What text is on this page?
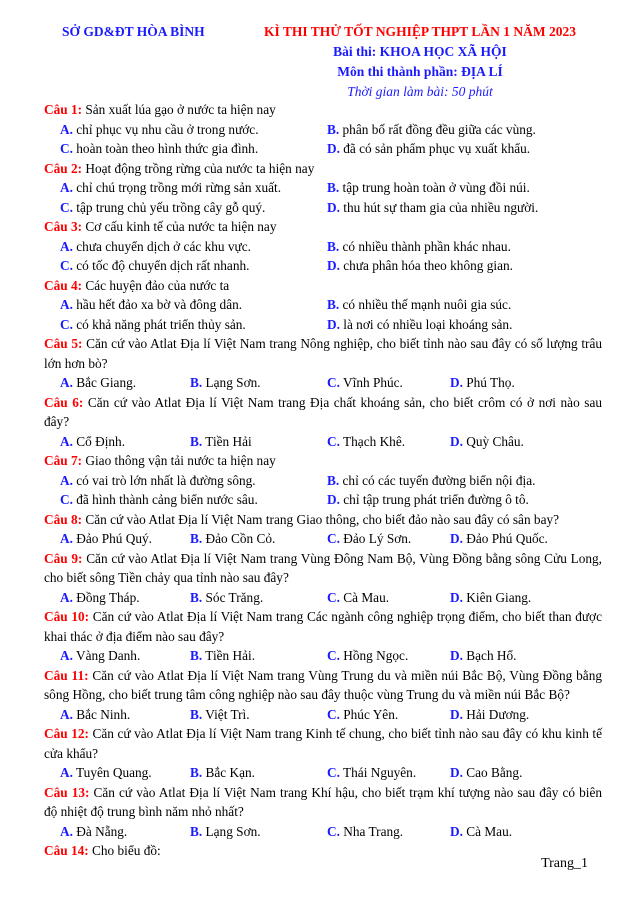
SỞ GD&ĐT HÒA BÌNH	KÌ THI THỬ TỐT NGHIỆP THPT LẦN 1 NĂM 2023
Bài thi: KHOA HỌC XÃ HỘI
Môn thi thành phần: ĐỊA LÍ
Thời gian làm bài: 50 phút
Câu 1: Sản xuất lúa gạo ở nước ta hiện nay
A. chỉ phục vụ nhu cầu ở trong nước.	B. phân bố rất đồng đều giữa các vùng.
C. hoàn toàn theo hình thức gia đình.	D. đã có sản phẩm phục vụ xuất khẩu.
Câu 2: Hoạt động trồng rừng của nước ta hiện nay
A. chỉ chú trọng trồng mới rừng sản xuất.	B. tập trung hoàn toàn ở vùng đồi núi.
C. tập trung chủ yếu trồng cây gỗ quý.	D. thu hút sự tham gia của nhiều người.
Câu 3: Cơ cấu kinh tế của nước ta hiện nay
A. chưa chuyển dịch ở các khu vực.	B. có nhiều thành phần khác nhau.
C. có tốc độ chuyển dịch rất nhanh.	D. chưa phân hóa theo không gian.
Câu 4: Các huyện đảo của nước ta
A. hầu hết đảo xa bờ và đông dân.	B. có nhiều thế mạnh nuôi gia súc.
C. có khả năng phát triển thủy sản.	D. là nơi có nhiều loại khoáng sản.
Câu 5: Căn cứ vào Atlat Địa lí Việt Nam trang Nông nghiệp, cho biết tỉnh nào sau đây có số lượng trâu lớn hơn bò?
A. Bắc Giang.	B. Lạng Sơn.	C. Vĩnh Phúc.	D. Phú Thọ.
Câu 6: Căn cứ vào Atlat Địa lí Việt Nam trang Địa chất khoáng sản, cho biết crôm có ở nơi nào sau đây?
A. Cổ Định.	B. Tiền Hải	C. Thạch Khê.	D. Quỳ Châu.
Câu 7: Giao thông vận tải nước ta hiện nay
A. có vai trò lớn nhất là đường sông.	B. chỉ có các tuyến đường biển nội địa.
C. đã hình thành cảng biển nước sâu.	D. chỉ tập trung phát triển đường ô tô.
Câu 8: Căn cứ vào Atlat Địa lí Việt Nam trang Giao thông, cho biết đảo nào sau đây có sân bay?
A. Đảo Phú Quý.	B. Đảo Cồn Cỏ.	C. Đảo Lý Sơn.	D. Đảo Phú Quốc.
Câu 9: Căn cứ vào Atlat Địa lí Việt Nam trang Vùng Đông Nam Bộ, Vùng Đồng bằng sông Cửu Long, cho biết sông Tiền chảy qua tỉnh nào sau đây?
A. Đồng Tháp.	B. Sóc Trăng.	C. Cà Mau.	D. Kiên Giang.
Câu 10: Căn cứ vào Atlat Địa lí Việt Nam trang Các ngành công nghiệp trọng điểm, cho biết than được khai thác ở địa điểm nào sau đây?
A. Vàng Danh.	B. Tiền Hải.	C. Hồng Ngọc.	D. Bạch Hổ.
Câu 11: Căn cứ vào Atlat Địa lí Việt Nam trang Vùng Trung du và miền núi Bắc Bộ, Vùng Đồng bằng sông Hồng, cho biết trung tâm công nghiệp nào sau đây thuộc vùng Trung du và miền núi Bắc Bộ?
A. Bắc Ninh.	B. Việt Trì.	C. Phúc Yên.	D. Hải Dương.
Câu 12: Căn cứ vào Atlat Địa lí Việt Nam trang Kinh tế chung, cho biết tỉnh nào sau đây có khu kinh tế cửa khẩu?
A. Tuyên Quang.	B. Bắc Kạn.	C. Thái Nguyên.	D. Cao Bằng.
Câu 13: Căn cứ vào Atlat Địa lí Việt Nam trang Khí hậu, cho biết trạm khí tượng nào sau đây có biên độ nhiệt độ trung bình năm nhỏ nhất?
A. Đà Nẵng.	B. Lạng Sơn.	C. Nha Trang.	D. Cà Mau.
Câu 14: Cho biểu đồ:
Trang_1
